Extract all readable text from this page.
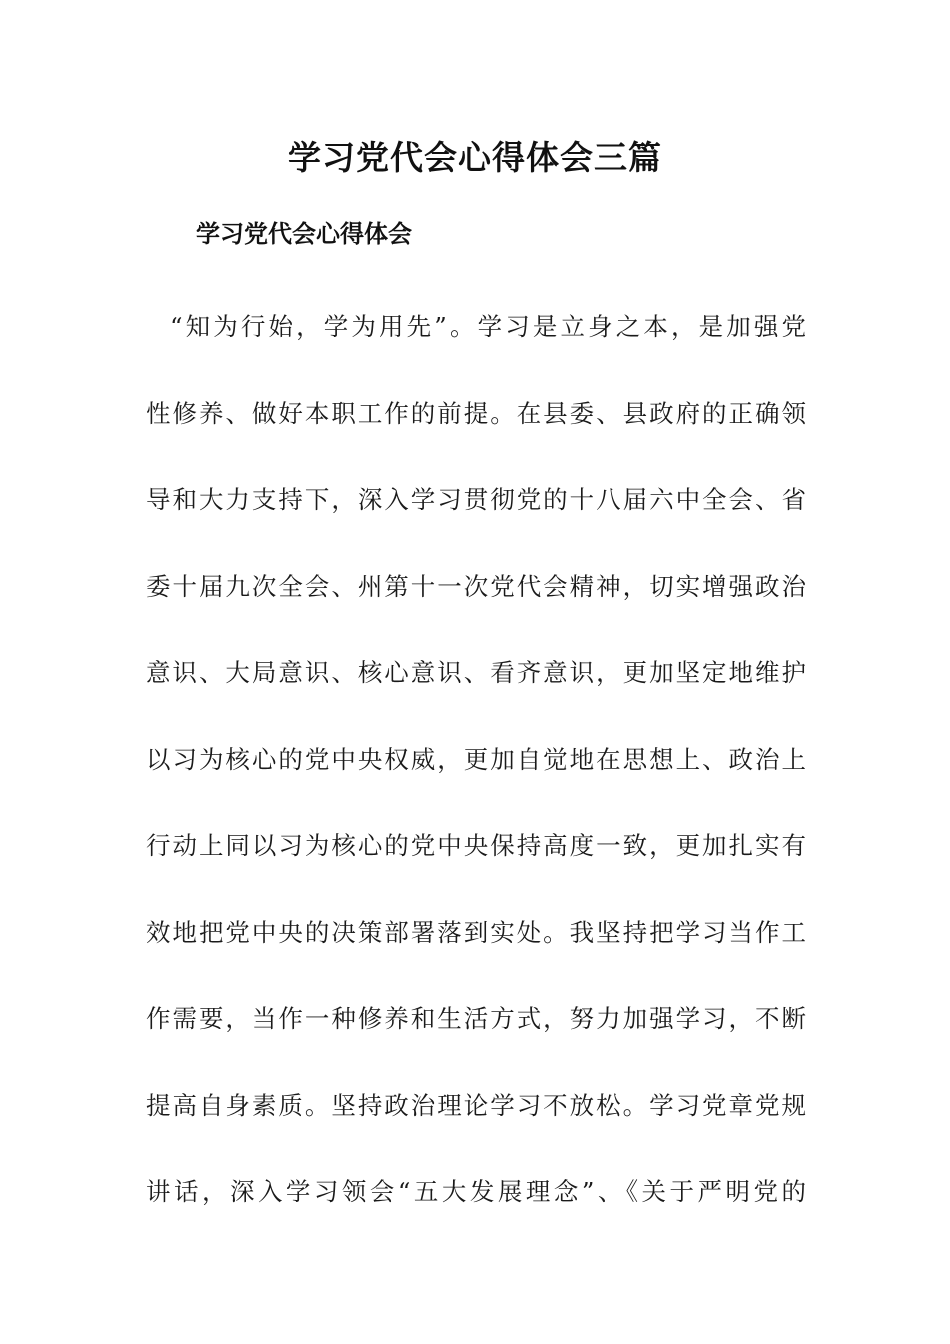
学习党代会心得体会三篇
学习党代会心得体会
“知为行始，学为用先”。学习是立身之本，是加强党
性修养、做好本职工作的前提。在县委、县政府的正确领
导和大力支持下，深入学习贯彻党的十八届六中全会、省
委十届九次全会、州第十一次党代会精神，切实增强政治
意识、大局意识、核心意识、看齐意识，更加坚定地维护
以习为核心的党中央权威，更加自觉地在思想上、政治上
行动上同以习为核心的党中央保持高度一致，更加扎实有
效地把党中央的决策部署落到实处。我坚持把学习当作工
作需要，当作一种修养和生活方式，努力加强学习，不断
提高自身素质。坚持政治理论学习不放松。学习党章党规
讲话，深入学习领会“五大发展理念”、《关于严明党的
